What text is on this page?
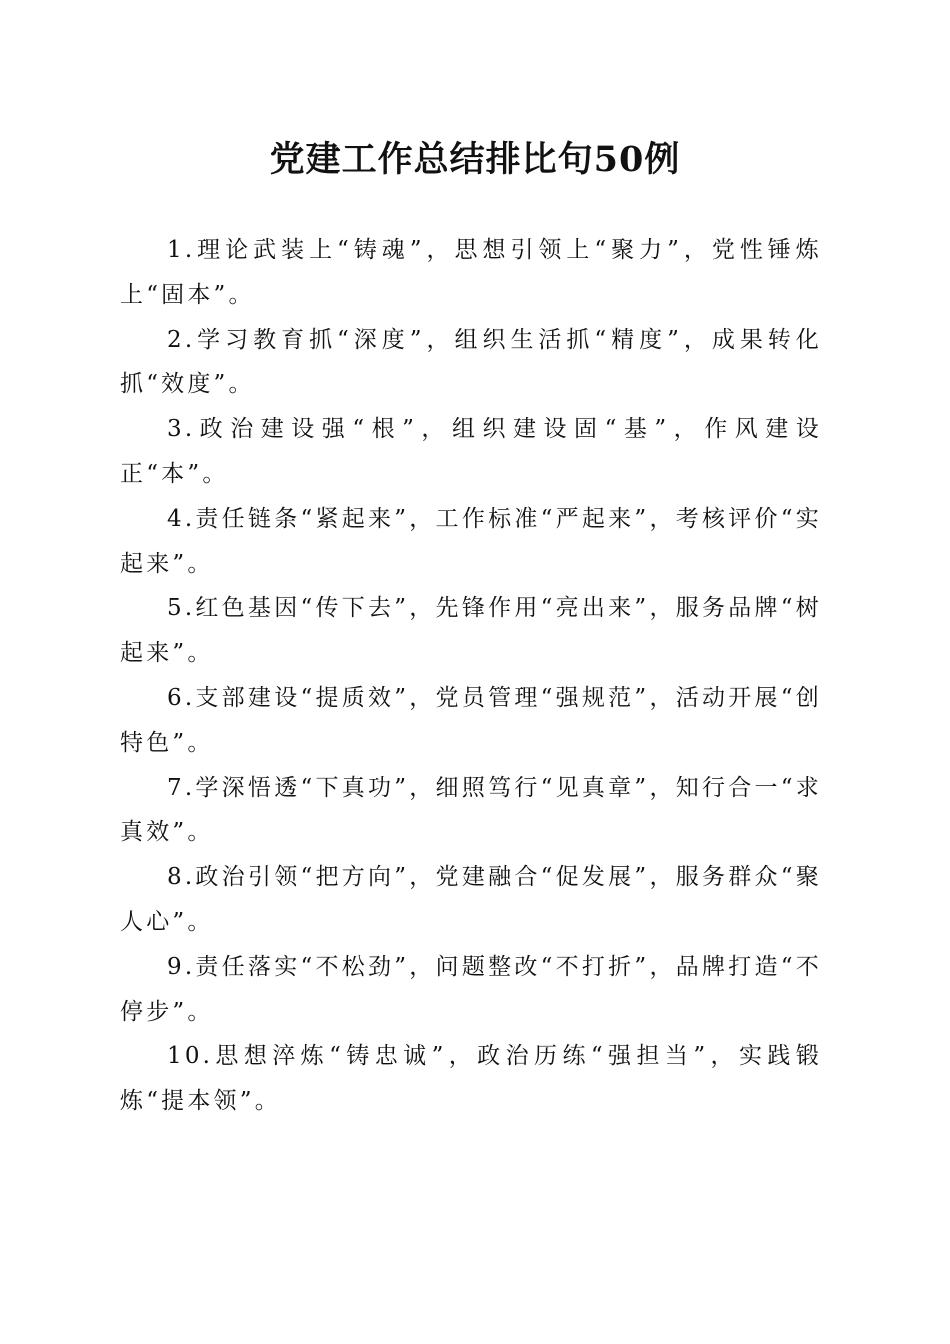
党建工作总结排比句50例

1.理论武装上“铸魂”，思想引领上“聚力”，党性锤炼上“固本”。

2.学习教育抓“深度”，组织生活抓“精度”，成果转化抓“效度”。

3.政治建设强“根”，组织建设固“基”，作风建设正“本”。

4.责任链条“紧起来”，工作标准“严起来”，考核评价“实起来”。

5.红色基因“传下去”，先锋作用“亮出来”，服务品牌“树起来”。

6.支部建设“提质效”，党员管理“强规范”，活动开展“创特色”。

7.学深悟透“下真功”，细照笃行“见真章”，知行合一“求真效”。

8.政治引领“把方向”，党建融合“促发展”，服务群众“聚人心”。

9.责任落实“不松劲”，问题整改“不打折”，品牌打造“不停步”。

10.思想淬炼“铸忠诚”，政治历练“强担当”，实践锻炼“提本领”。
